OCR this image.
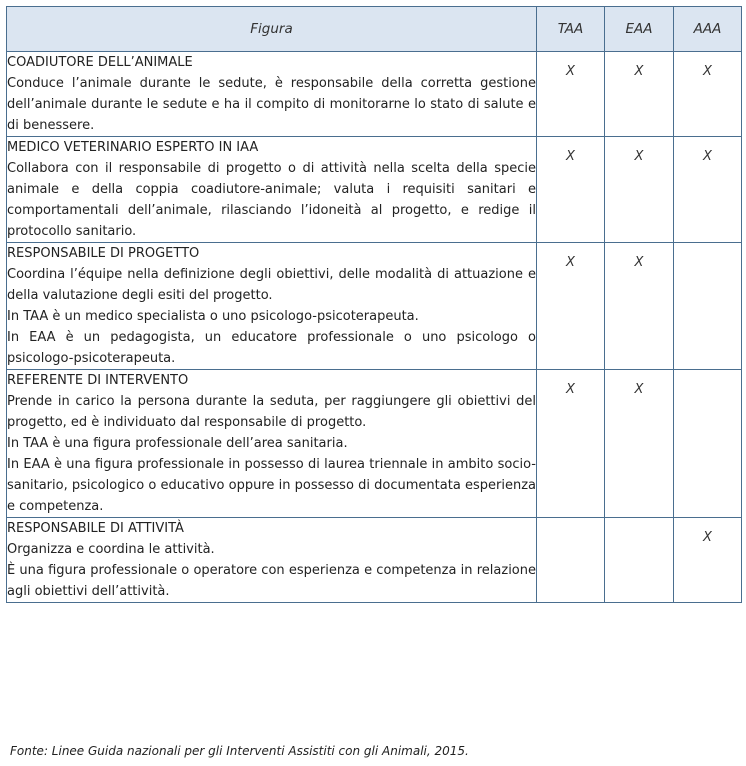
Figura	TAA	EAA	AAA

COADIUTORE DELL’ANIMALE
Conduce l’animale durante le sedute, è responsabile della corretta gestione dell’animale durante le sedute e ha il compito di monitorarne lo stato di salute e di benessere.	X	X	X

MEDICO VETERINARIO ESPERTO IN IAA
Collabora con il responsabile di progetto o di attività nella scelta della specie animale e della coppia coadiutore-animale; valuta i requisiti sanitari e comportamentali dell’animale, rilasciando l’idoneità al progetto, e redige il protocollo sanitario.	X	X	X

RESPONSABILE DI PROGETTO
Coordina l’équipe nella definizione degli obiettivi, delle modalità di attuazione e della valutazione degli esiti del progetto.
In TAA è un medico specialista o uno psicologo-psicoterapeuta.
In EAA è un pedagogista, un educatore professionale o uno psicologo o psicologo-psicoterapeuta.	X	X	

REFERENTE DI INTERVENTO
Prende in carico la persona durante la seduta, per raggiungere gli obiettivi del progetto, ed è individuato dal responsabile di progetto.
In TAA è una figura professionale dell’area sanitaria.
In EAA è una figura professionale in possesso di laurea triennale in ambito socio-sanitario, psicologico o educativo oppure in possesso di documentata esperienza e competenza.	X	X	

RESPONSABILE DI ATTIVITÀ
Organizza e coordina le attività.
È una figura professionale o operatore con esperienza e competenza in relazione agli obiettivi dell’attività.			X
Fonte: Linee Guida nazionali per gli Interventi Assistiti con gli Animali, 2015.
